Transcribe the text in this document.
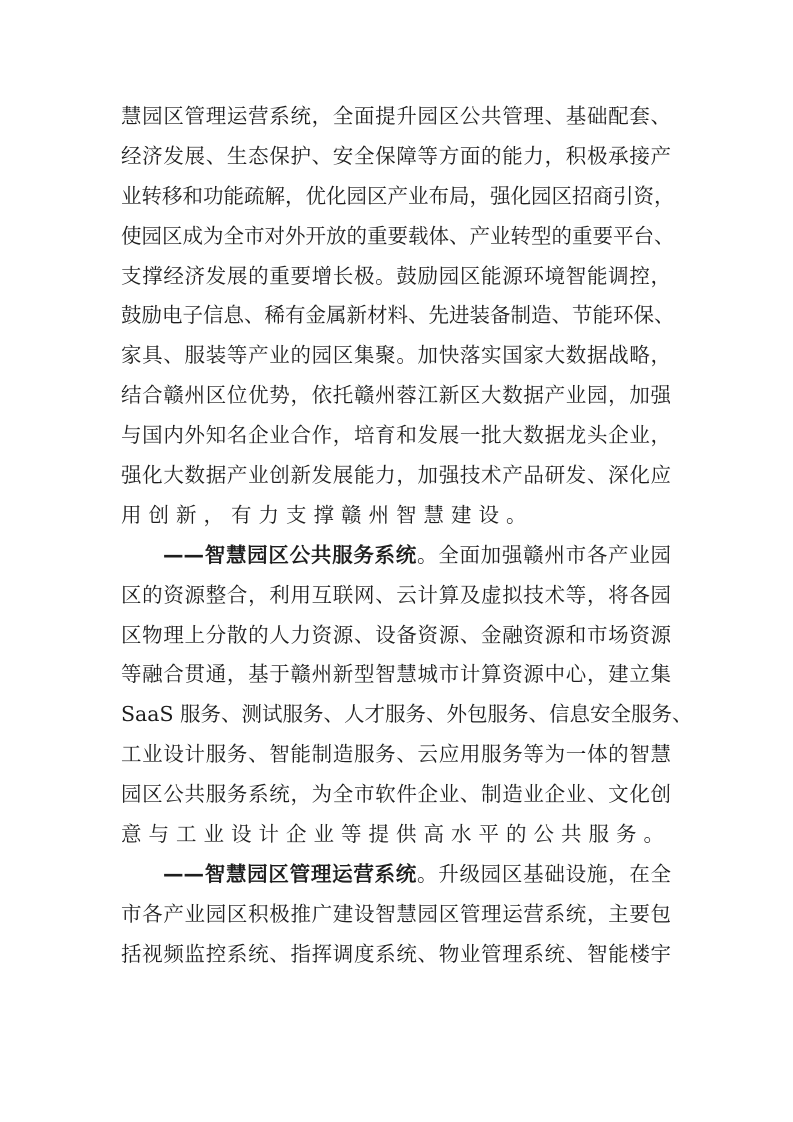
慧园区管理运营系统，全面提升园区公共管理、基础配套、
经济发展、生态保护、安全保障等方面的能力，积极承接产
业转移和功能疏解，优化园区产业布局，强化园区招商引资，
使园区成为全市对外开放的重要载体、产业转型的重要平台、
支撑经济发展的重要增长极。鼓励园区能源环境智能调控，
鼓励电子信息、稀有金属新材料、先进装备制造、节能环保、
家具、服装等产业的园区集聚。加快落实国家大数据战略，
结合赣州区位优势，依托赣州蓉江新区大数据产业园，加强
与国内外知名企业合作，培育和发展一批大数据龙头企业，
强化大数据产业创新发展能力，加强技术产品研发、深化应
用创新，有力支撑赣州智慧建设。
——智慧园区公共服务系统。全面加强赣州市各产业园
区的资源整合，利用互联网、云计算及虚拟技术等，将各园
区物理上分散的人力资源、设备资源、金融资源和市场资源
等融合贯通，基于赣州新型智慧城市计算资源中心，建立集
SaaS 服务、测试服务、人才服务、外包服务、信息安全服务、
工业设计服务、智能制造服务、云应用服务等为一体的智慧
园区公共服务系统，为全市软件企业、制造业企业、文化创
意与工业设计企业等提供高水平的公共服务。
——智慧园区管理运营系统。升级园区基础设施，在全
市各产业园区积极推广建设智慧园区管理运营系统，主要包
括视频监控系统、指挥调度系统、物业管理系统、智能楼宇
